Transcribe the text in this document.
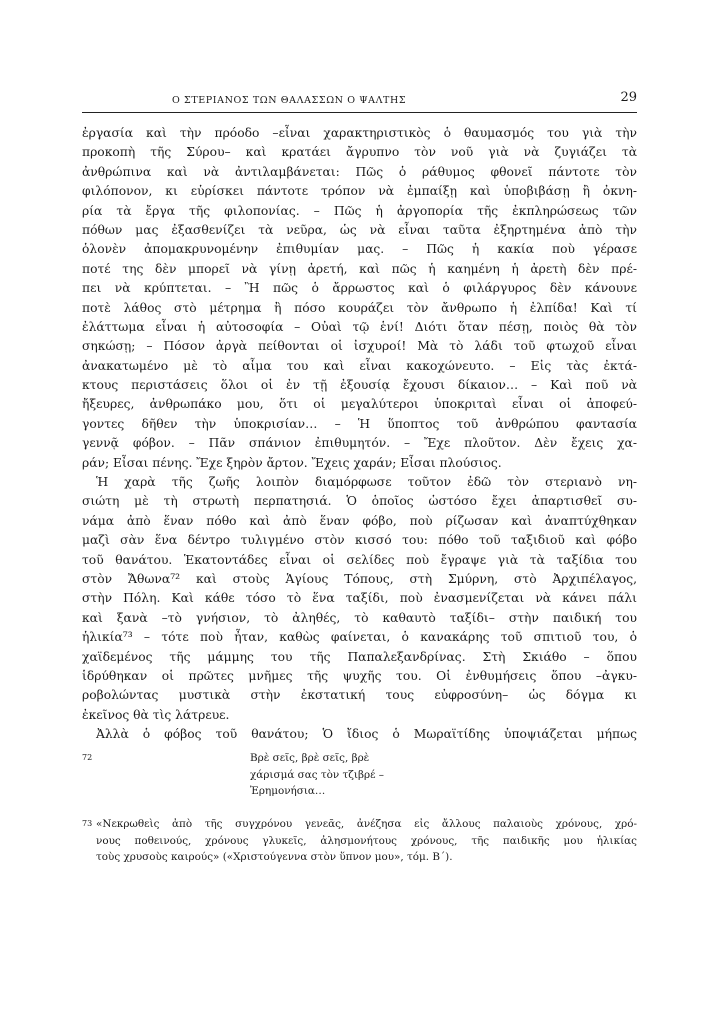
Ο ΣΤΕΡΙΑΝΟΣ ΤΩΝ ΘΑΛΑΣΣΩΝ Ο ΨΑΛΤΗΣ	29
ἐργασία καὶ τὴν πρόοδο –εἶναι χαρακτηριστικὸς ὁ θαυμασμός του γιὰ τὴν
προκοπὴ τῆς Σύρου– καὶ κρατάει ἄγρυπνο τὸν νοῦ γιὰ νὰ ζυγιάζει τὰ
ἀνθρώπινα καὶ νὰ ἀντιλαμβάνεται: Πῶς ὁ ράθυμος φθονεῖ πάντοτε τὸν
φιλόπονον, κι εὑρίσκει πάντοτε τρόπον νὰ ἐμπαίξῃ καὶ ὑποβιβάσῃ ἢ ὀκνη-
ρία τὰ ἔργα τῆς φιλοπονίας. – Πῶς ἡ ἀργοπορία τῆς ἐκπληρώσεως τῶν
πόθων μας ἐξασθενίζει τὰ νεῦρα, ὡς νὰ εἶναι ταῦτα ἐξηρτημένα ἀπὸ τὴν
ὁλονὲν ἀπομακρυνομένην ἐπιθυμίαν μας. – Πῶς ἡ κακία ποὺ γέρασε
ποτέ της δὲν μπορεῖ νὰ γίνῃ ἀρετή, καὶ πῶς ἡ καημένη ἡ ἀρετὴ δὲν πρέ-
πει νὰ κρύπτεται. – Ἢ πῶς ὁ ἄρρωστος καὶ ὁ φιλάργυρος δὲν κάνουνε
ποτὲ λάθος στὸ μέτρημα ἢ πόσο κουράζει τὸν ἄνθρωπο ἡ ἐλπίδα! Καὶ τί
ἐλάττωμα εἶναι ἡ αὐτοσοφία – Οὐαὶ τῷ ἑνί! Διότι ὅταν πέσῃ, ποιὸς θὰ τὸν
σηκώσῃ; – Πόσον ἀργὰ πείθονται οἱ ἰσχυροί! Μὰ τὸ λάδι τοῦ φτωχοῦ εἶναι
ἀνακατωμένο μὲ τὸ αἷμα του καὶ εἶναι κακοχώνευτο. – Εἰς τὰς ἐκτά-
κτους περιστάσεις ὅλοι οἱ ἐν τῇ ἐξουσίᾳ ἔχουσι δίκαιον… – Καὶ ποῦ νὰ
ἤξευρες, ἀνθρωπάκο μου, ὅτι οἱ μεγαλύτεροι ὑποκριταὶ εἶναι οἱ ἀποφεύ-
γοντες δῆθεν τὴν ὑποκρισίαν… – Ἡ ὕποπτος τοῦ ἀνθρώπου φαντασία
γεννᾷ φόβον. – Πᾶν σπάνιον ἐπιθυμητόν. – Ἔχε πλοῦτον. Δὲν ἔχεις χα-
ράν; Εἶσαι πένης. Ἔχε ξηρὸν ἄρτον. Ἔχεις χαράν; Εἶσαι πλούσιος.
Ἡ χαρὰ τῆς ζωῆς λοιπὸν διαμόρφωσε τοῦτον ἐδῶ τὸν στεριανὸ νη-
σιώτη μὲ τὴ στρωτὴ περπατησιά. Ὁ ὁποῖος ὡστόσο ἔχει ἀπαρτισθεῖ συ-
νάμα ἀπὸ ἕναν πόθο καὶ ἀπὸ ἕναν φόβο, ποὺ ρίζωσαν καὶ ἀναπτύχθηκαν
μαζὶ σὰν ἕνα δέντρο τυλιγμένο στὸν κισσό του: πόθο τοῦ ταξιδιοῦ καὶ φόβο
τοῦ θανάτου. Ἑκατοντάδες εἶναι οἱ σελίδες ποὺ ἔγραψε γιὰ τὰ ταξίδια του
στὸν Ἄθωνα⁷² καὶ στοὺς Ἁγίους Τόπους, στὴ Σμύρνη, στὸ Ἀρχιπέλαγος,
στὴν Πόλη. Καὶ κάθε τόσο τὸ ἕνα ταξίδι, ποὺ ἐνασμενίζεται νὰ κάνει πάλι
καὶ ξανὰ –τὸ γνήσιον, τὸ ἀληθές, τὸ καθαυτὸ ταξίδι– στὴν παιδική του
ἡλικία⁷³ – τότε ποὺ ἦταν, καθὼς φαίνεται, ὁ κανακάρης τοῦ σπιτιοῦ του, ὁ
χαϊδεμένος τῆς μάμμης του τῆς Παπαλεξανδρίνας. Στὴ Σκιάθο – ὅπου
ἱδρύθηκαν οἱ πρῶτες μνῆμες τῆς ψυχῆς του. Οἱ ἐνθυμήσεις ὅπου –ἀγκυ-
ροβολώντας μυστικὰ στὴν ἐκστατική τους εὐφροσύνη– ὡς δόγμα κι
ἐκεῖνος θὰ τὶς λάτρευε.
Ἀλλὰ ὁ φόβος τοῦ θανάτου; Ὁ ἴδιος ὁ Μωραϊτίδης ὑποψιάζεται μήπως
72	Βρὲ σεῖς, βρὲ σεῖς, βρὲ
χάρισμά σας τὸν τζιβρέ –
Ἐρημονήσια…
73 «Νεκρωθεὶς ἀπὸ τῆς συγχρόνου γενεᾶς, ἀνέζησα εἰς ἄλλους παλαιοὺς χρόνους, χρό-
νους ποθεινούς, χρόνους γλυκεῖς, ἀλησμονήτους χρόνους, τῆς παιδικῆς μου ἡλικίας
τοὺς χρυσοὺς καιρούς» («Χριστούγεννα στὸν ὕπνον μου», τόμ. Β΄).
